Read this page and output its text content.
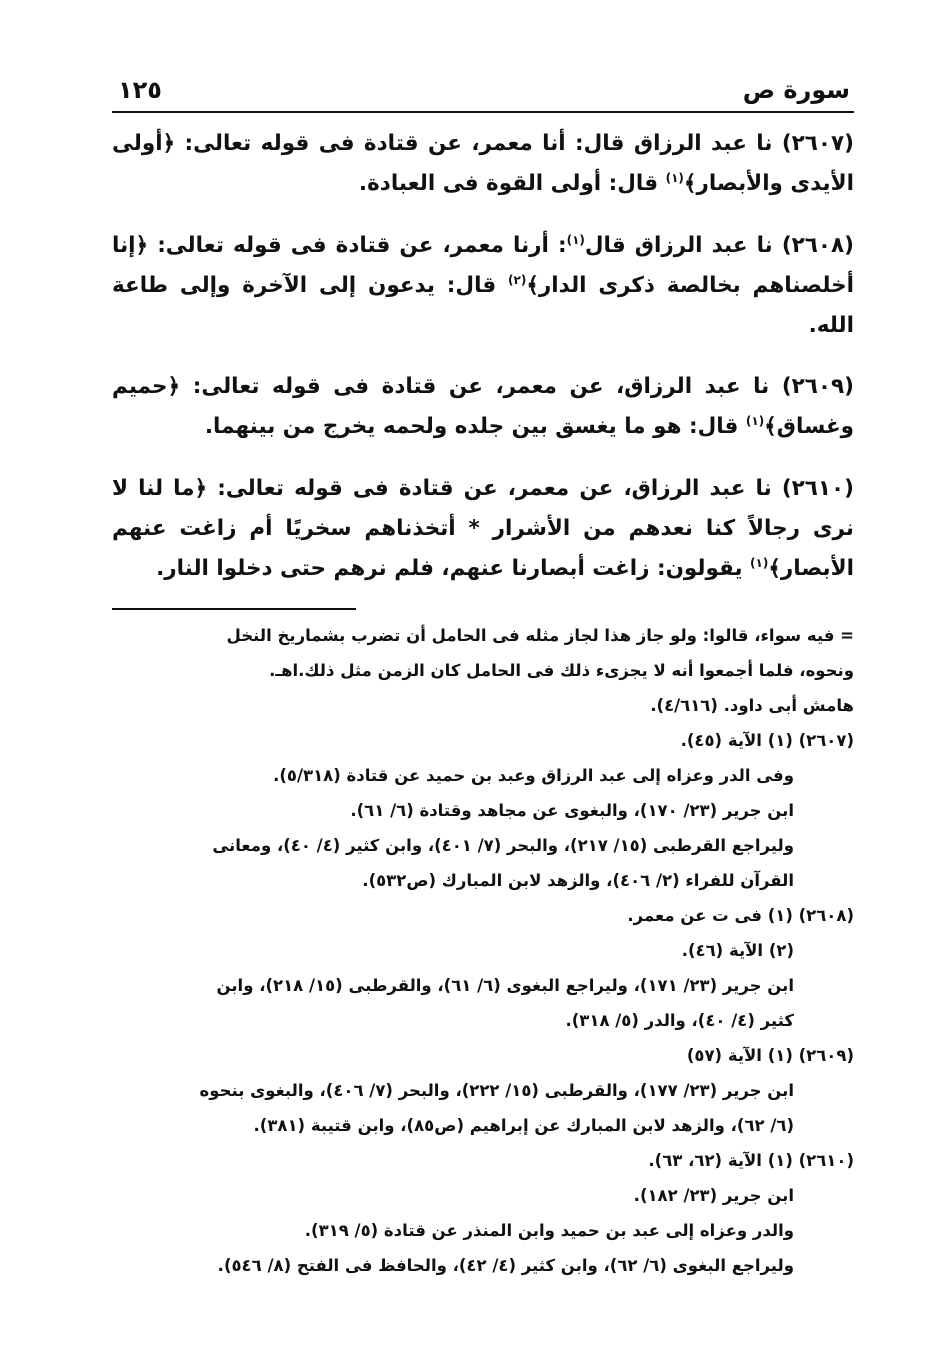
سورة ص
١٢٥

(٢٦٠٧) نا عبد الرزاق قال: أنا معمر، عن قتادة فى قوله تعالى: ﴿أولى الأيدى والأبصار﴾$^{(١)}$ قال: أولى القوة فى العبادة.

(٢٦٠٨) نا عبد الرزاق قال$^{(١)}$: أرنا معمر، عن قتادة فى قوله تعالى: ﴿إنا أخلصناهم بخالصة ذكرى الدار﴾$^{(٢)}$ قال: يدعون إلى الآخرة وإلى طاعة الله.

(٢٦٠٩) نا عبد الرزاق، عن معمر، عن قتادة فى قوله تعالى: ﴿حميم وغساق﴾$^{(١)}$ قال: هو ما يغسق بين جلده ولحمه يخرج من بينهما.

(٢٦١٠) نا عبد الرزاق، عن معمر، عن قتادة فى قوله تعالى: ﴿ما لنا لا نرى رجالاً كنا نعدهم من الأشرار * أتخذناهم سخريًا أم زاغت عنهم الأبصار﴾$^{(١)}$ يقولون: زاغت أبصارنا عنهم، فلم نرهم حتى دخلوا النار.

= فيه سواء، قالوا: ولو جاز هذا لجاز مثله فى الحامل أن تضرب بشماريخ النخل
ونحوه، فلما أجمعوا أنه لا يجزىء ذلك فى الحامل كان الزمن مثل ذلك.اهـ.
هامش أبى داود. (٤/٦١٦).
(٢٦٠٧) (١) الآية (٤٥).
وفى الدر وعزاه إلى عبد الرزاق وعبد بن حميد عن قتادة (٥/٣١٨).
ابن جرير (٢٣/ ١٧٠)، والبغوى عن مجاهد وقتادة (٦/ ٦١).
وليراجع القرطبى (١٥/ ٢١٧)، والبحر (٧/ ٤٠١)، وابن كثير (٤/ ٤٠)، ومعانى
القرآن للفراء (٢/ ٤٠٦)، والزهد لابن المبارك (ص٥٣٢).
(٢٦٠٨) (١) فى ت عن معمر.
(٢) الآية (٤٦).
ابن جرير (٢٣/ ١٧١)، وليراجع البغوى (٦/ ٦١)، والقرطبى (١٥/ ٢١٨)، وابن
كثير (٤/ ٤٠)، والدر (٥/ ٣١٨).
(٢٦٠٩) (١) الآية (٥٧)
ابن جرير (٢٣/ ١٧٧)، والقرطبى (١٥/ ٢٢٢)، والبحر (٧/ ٤٠٦)، والبغوى بنحوه
(٦/ ٦٢)، والزهد لابن المبارك عن إبراهيم (ص٨٥)، وابن قتيبة (٣٨١).
(٢٦١٠) (١) الآية (٦٢، ٦٣).
ابن جرير (٢٣/ ١٨٢).
والدر وعزاه إلى عبد بن حميد وابن المنذر عن قتادة (٥/ ٣١٩).
وليراجع البغوى (٦/ ٦٢)، وابن كثير (٤/ ٤٢)، والحافظ فى الفتح (٨/ ٥٤٦).
